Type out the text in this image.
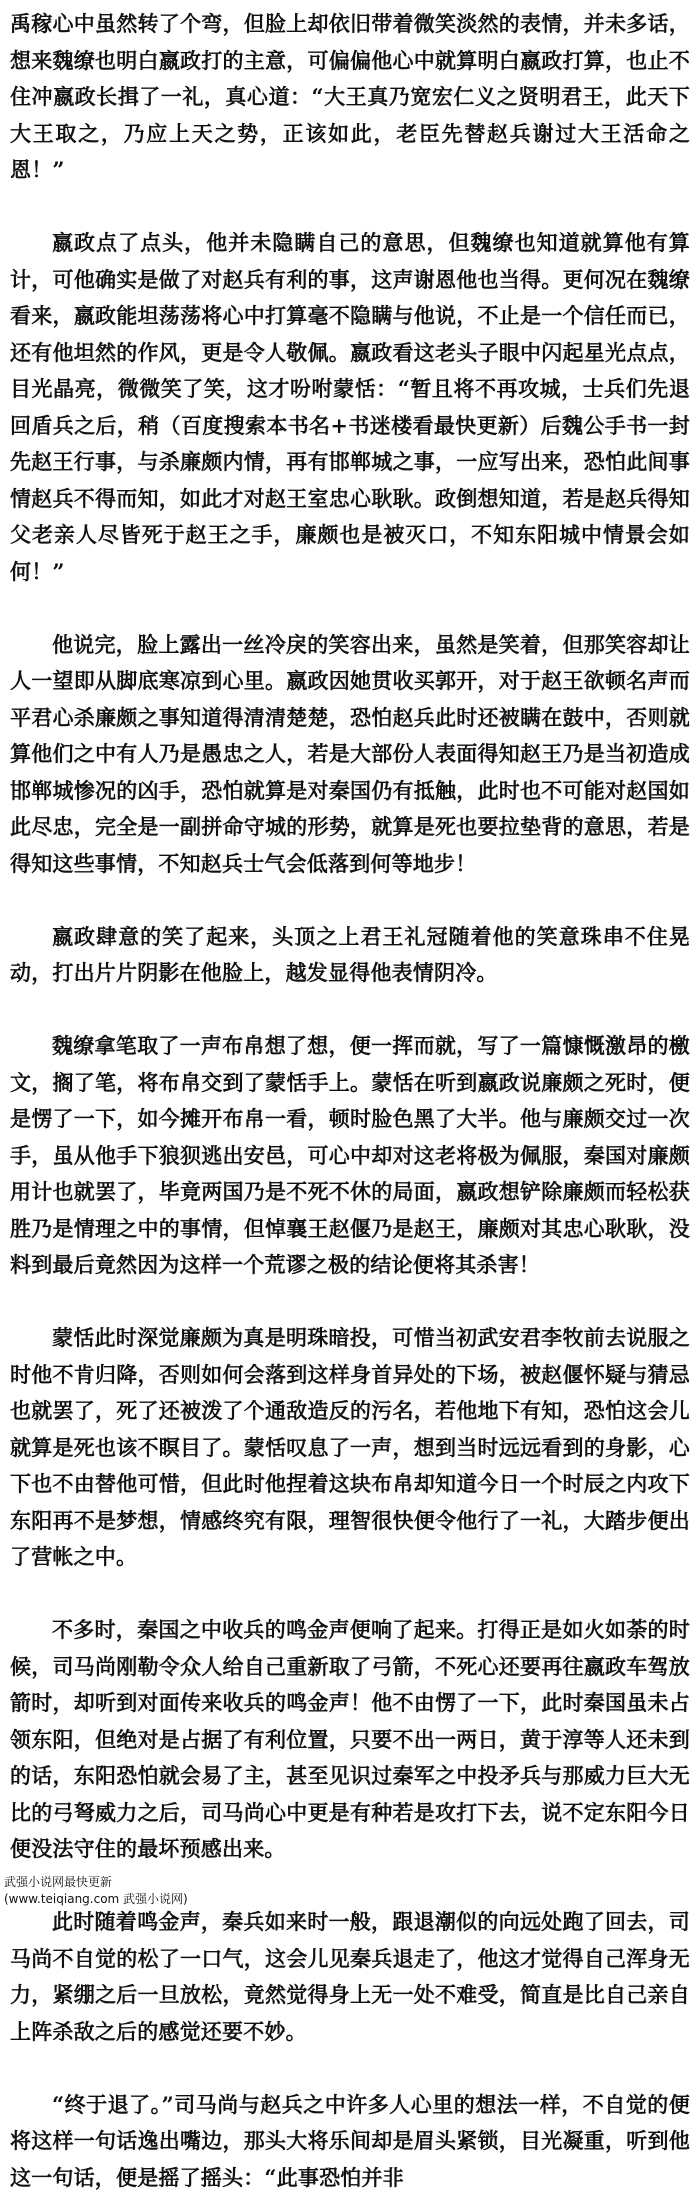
禹稼心中虽然转了个弯，但脸上却依旧带着微笑淡然的表情，并未多话，想来魏缭也明白嬴政打的主意，可偏偏他心中就算明白嬴政打算，也止不住冲嬴政长揖了一礼，真心道：“大王真乃宽宏仁义之贤明君王，此天下大王取之，乃应上天之势，正该如此，老臣先替赵兵谢过大王活命之恩！”

嬴政点了点头，他并未隐瞒自己的意思，但魏缭也知道就算他有算计，可他确实是做了对赵兵有利的事，这声谢恩他也当得。更何况在魏缭看来，嬴政能坦荡荡将心中打算毫不隐瞒与他说，不止是一个信任而已，还有他坦然的作风，更是令人敬佩。嬴政看这老头子眼中闪起星光点点，目光晶亮，微微笑了笑，这才吩咐蒙恬：“暂且将不再攻城，士兵们先退回盾兵之后，稍（百度搜索本书名+书迷楼看最快更新）后魏公手书一封先赵王行事，与杀廉颇内情，再有邯郸城之事，一应写出来，恐怕此间事情赵兵不得而知，如此才对赵王室忠心耿耿。政倒想知道，若是赵兵得知父老亲人尽皆死于赵王之手，廉颇也是被灭口，不知东阳城中情景会如何！”

他说完，脸上露出一丝冷戾的笑容出来，虽然是笑着，但那笑容却让人一望即从脚底寒凉到心里。嬴政因她贯收买郭开，对于赵王欲顿名声而平君心杀廉颇之事知道得清清楚楚，恐怕赵兵此时还被瞒在鼓中，否则就算他们之中有人乃是愚忠之人，若是大部份人表面得知赵王乃是当初造成邯郸城惨况的凶手，恐怕就算是对秦国仍有抵触，此时也不可能对赵国如此尽忠，完全是一副拼命守城的形势，就算是死也要拉垫背的意思，若是得知这些事情，不知赵兵士气会低落到何等地步！

嬴政肆意的笑了起来，头顶之上君王礼冠随着他的笑意珠串不住晃动，打出片片阴影在他脸上，越发显得他表情阴冷。

魏缭拿笔取了一声布帛想了想，便一挥而就，写了一篇慷慨激昂的檄文，搁了笔，将布帛交到了蒙恬手上。蒙恬在听到嬴政说廉颇之死时，便是愣了一下，如今摊开布帛一看，顿时脸色黑了大半。他与廉颇交过一次手，虽从他手下狼狈逃出安邑，可心中却对这老将极为佩服，秦国对廉颇用计也就罢了，毕竟两国乃是不死不休的局面，嬴政想铲除廉颇而轻松获胜乃是情理之中的事情，但悼襄王赵偃乃是赵王，廉颇对其忠心耿耿，没料到最后竟然因为这样一个荒谬之极的结论便将其杀害！

蒙恬此时深觉廉颇为真是明珠暗投，可惜当初武安君李牧前去说服之时他不肯归降，否则如何会落到这样身首异处的下场，被赵偃怀疑与猜忌也就罢了，死了还被泼了个通敌造反的污名，若他地下有知，恐怕这会儿就算是死也该不瞑目了。蒙恬叹息了一声，想到当时远远看到的身影，心下也不由替他可惜，但此时他捏着这块布帛却知道今日一个时辰之内攻下东阳再不是梦想，情感终究有限，理智很快便令他行了一礼，大踏步便出了营帐之中。

不多时，秦国之中收兵的鸣金声便响了起来。打得正是如火如荼的时候，司马尚刚勒令众人给自己重新取了弓箭，不死心还要再往嬴政车驾放箭时，却听到对面传来收兵的鸣金声！他不由愣了一下，此时秦国虽未占领东阳，但绝对是占据了有利位置，只要不出一两日，黄于淳等人还未到的话，东阳恐怕就会易了主，甚至见识过秦军之中投矛兵与那威力巨大无比的弓弩威力之后，司马尚心中更是有种若是攻打下去，说不定东阳今日便没法守住的最坏预感出来。

此时随着鸣金声，秦兵如来时一般，跟退潮似的向远处跑了回去，司马尚不自觉的松了一口气，这会儿见秦兵退走了，他这才觉得自己浑身无力，紧绷之后一旦放松，竟然觉得身上无一处不难受，简直是比自己亲自上阵杀敌之后的感觉还要不妙。

“终于退了。”司马尚与赵兵之中许多人心里的想法一样，不自觉的便将这样一句话逸出嘴边，那头大将乐间却是眉头紧锁，目光凝重，听到他这一句话，便是摇了摇头：“此事恐怕并非

武强小说网最快更新
(www.teiqiang.com 武强小说网)
